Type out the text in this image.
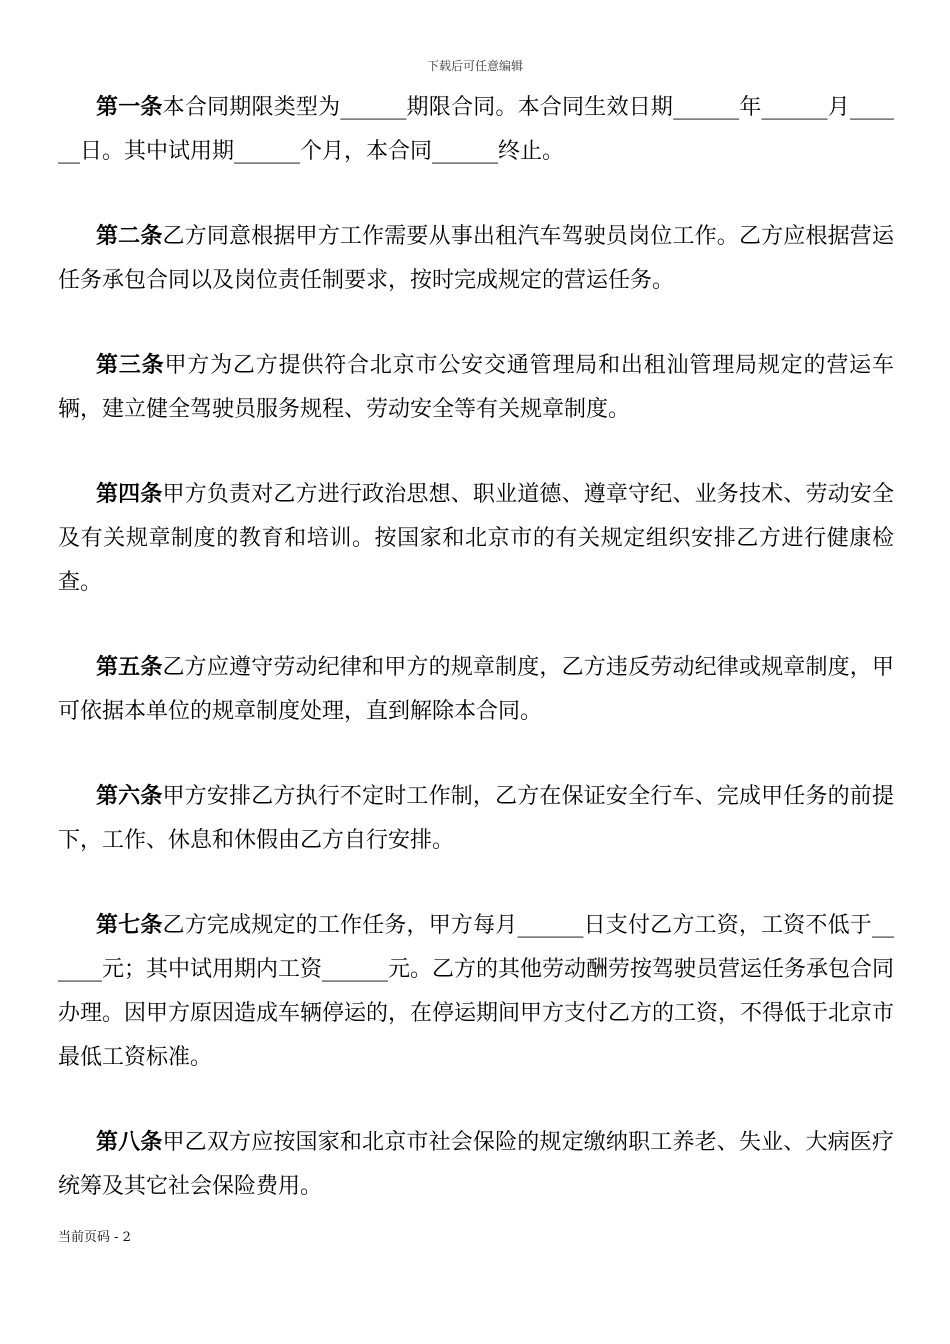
下载后可任意编辑

第一条本合同期限类型为______期限合同。本合同生效日期______年______月______日。其中试用期______个月，本合同______终止。

第二条乙方同意根据甲方工作需要从事出租汽车驾驶员岗位工作。乙方应根据营运任务承包合同以及岗位责任制要求，按时完成规定的营运任务。

第三条甲方为乙方提供符合北京市公安交通管理局和出租汕管理局规定的营运车辆，建立健全驾驶员服务规程、劳动安全等有关规章制度。

第四条甲方负责对乙方进行政治思想、职业道德、遵章守纪、业务技术、劳动安全及有关规章制度的教育和培训。按国家和北京市的有关规定组织安排乙方进行健康检查。

第五条乙方应遵守劳动纪律和甲方的规章制度，乙方违反劳动纪律或规章制度，甲可依据本单位的规章制度处理，直到解除本合同。

第六条甲方安排乙方执行不定时工作制，乙方在保证安全行车、完成甲任务的前提下，工作、休息和休假由乙方自行安排。

第七条乙方完成规定的工作任务，甲方每月______日支付乙方工资，工资不低于______元；其中试用期内工资______元。乙方的其他劳动酬劳按驾驶员营运任务承包合同办理。因甲方原因造成车辆停运的，在停运期间甲方支付乙方的工资，不得低于北京市最低工资标准。

第八条甲乙双方应按国家和北京市社会保险的规定缴纳职工养老、失业、大病医疗统筹及其它社会保险费用。

当前页码 - 2
